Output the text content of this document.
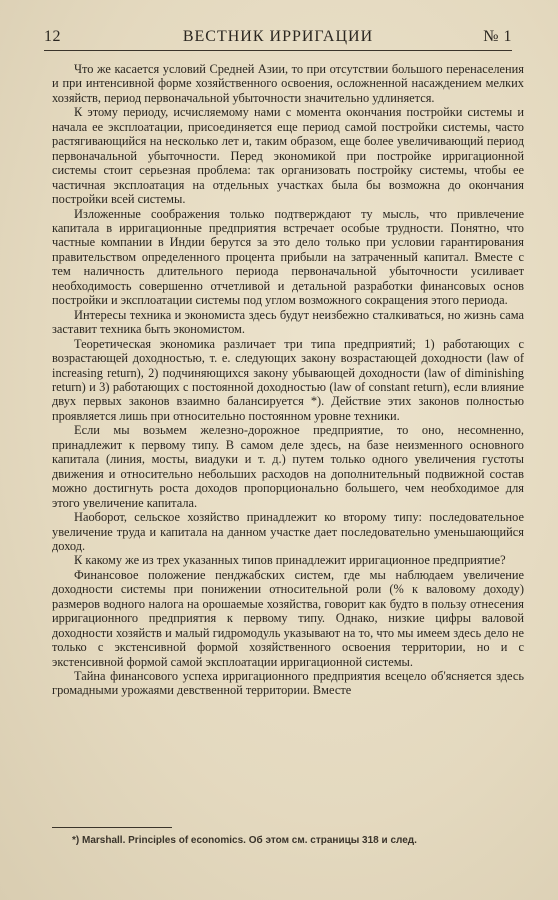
12	ВЕСТНИК ИРРИГАЦИИ	№ 1

Что же касается условий Средней Азии, то при отсутствии большого перенаселения и при интенсивной форме хозяйственного освоения, осложненной насаждением мелких хозяйств, период первоначальной убыточности значительно удлиняется.

К этому периоду, исчисляемому нами с момента окончания постройки системы и начала ее эксплоатации, присоединяется еще период самой постройки системы, часто растягивающийся на несколько лет и, таким образом, еще более увеличивающий период первоначальной убыточности. Перед экономикой при постройке ирригационной системы стоит серьезная проблема: так организовать постройку системы, чтобы ее частичная эксплоатация на отдельных участках была бы возможна до окончания постройки всей системы.

Изложенные соображения только подтверждают ту мысль, что привлечение капитала в ирригационные предприятия встречает особые трудности. Понятно, что частные компании в Индии берутся за это дело только при условии гарантирования правительством определенного процента прибыли на затраченный капитал. Вместе с тем наличность длительного периода первоначальной убыточности усиливает необходимость совершенно отчетливой и детальной разработки финансовых основ постройки и эксплоатации системы под углом возможного сокращения этого периода.

Интересы техника и экономиста здесь будут неизбежно сталкиваться, но жизнь сама заставит техника быть экономистом.

Теоретическая экономика различает три типа предприятий; 1) работающих с возрастающей доходностью, т. е. следующих закону возрастающей доходности (law of increasing return), 2) подчиняющихся закону убывающей доходности (law of diminishing return) и 3) работающих с постоянной доходностью (law of constant return), если влияние двух первых законов взаимно балансируется *). Действие этих законов полностью проявляется лишь при относительно постоянном уровне техники.

Если мы возьмем железно-дорожное предприятие, то оно, несомненно, принадлежит к первому типу. В самом деле здесь, на базе неизменного основного капитала (линия, мосты, виадуки и т. д.) путем только одного увеличения густоты движения и относительно небольших расходов на дополнительный подвижной состав можно достигнуть роста доходов пропорционально большего, чем необходимое для этого увеличение капитала.

Наоборот, сельское хозяйство принадлежит ко второму типу: последовательное увеличение труда и капитала на данном участке дает последовательно уменьшающийся доход.

К какому же из трех указанных типов принадлежит ирригационное предприятие?

Финансовое положение пенджабских систем, где мы наблюдаем увеличение доходности системы при понижении относительной роли (% к валовому доходу) размеров водного налога на орошаемые хозяйства, говорит как будто в пользу отнесения ирригационного предприятия к первому типу. Однако, низкие цифры валовой доходности хозяйств и малый гидромодуль указывают на то, что мы имеем здесь дело не только с экстенсивной формой хозяйственного освоения территории, но и с экстенсивной формой самой эксплоатации ирригационной системы.

Тайна финансового успеха ирригационного предприятия всецело об'ясняется здесь громадными урожаями девственной территории. Вместе

*) Marshall. Principles of economics. Об этом см. страницы 318 и след.
